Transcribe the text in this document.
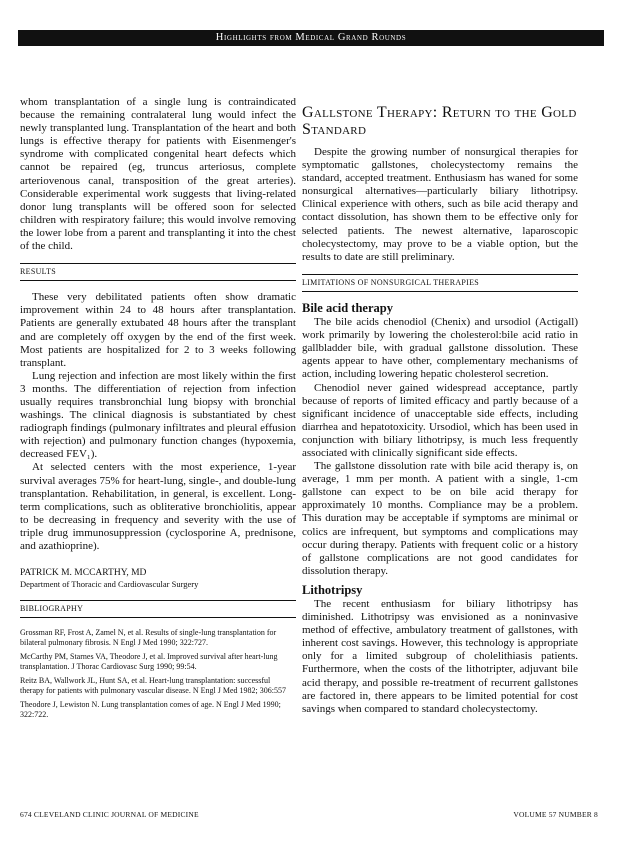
Highlights from Medical Grand Rounds

whom transplantation of a single lung is contraindicated because the remaining contralateral lung would infect the newly transplanted lung. Transplantation of the heart and both lungs is effective therapy for patients with Eisenmenger's syndrome with complicated congenital heart defects which cannot be repaired (eg, truncus arteriosus, complete arteriovenous canal, transposition of the great arteries). Considerable experimental work suggests that living-related donor lung transplants will be offered soon for selected children with respiratory failure; this would involve removing the lower lobe from a parent and transplanting it into the chest of the child.

RESULTS

These very debilitated patients often show dramatic improvement within 24 to 48 hours after transplantation. Patients are generally extubated 48 hours after the transplant and are completely off oxygen by the end of the first week. Most patients are hospitalized for 2 to 3 weeks following transplant.

Lung rejection and infection are most likely within the first 3 months. The differentiation of rejection from infection usually requires transbronchial lung biopsy with bronchial washings. The clinical diagnosis is substantiated by chest radiograph findings (pulmonary infiltrates and pleural effusion with rejection) and pulmonary function changes (hypoxemia, decreased FEV₁).

At selected centers with the most experience, 1-year survival averages 75% for heart-lung, single-, and double-lung transplantation. Rehabilitation, in general, is excellent. Long-term complications, such as obliterative bronchiolitis, appear to be decreasing in frequency and severity with the use of triple drug immunosuppression (cyclosporine A, prednisone, and azathioprine).

PATRICK M. MCCARTHY, MD
Department of Thoracic and Cardiovascular Surgery
BIBLIOGRAPHY

Grossman RF, Frost A, Zamel N, et al. Results of single-lung transplantation for bilateral pulmonary fibrosis. N Engl J Med 1990; 322:727.

McCarthy PM, Starnes VA, Theodore J, et al. Improved survival after heart-lung transplantation. J Thorac Cardiovasc Surg 1990; 99:54.

Reitz BA, Wallwork JL, Hunt SA, et al. Heart-lung transplantation: successful therapy for patients with pulmonary vascular disease. N Engl J Med 1982; 306:557

Theodore J, Lewiston N. Lung transplantation comes of age. N Engl J Med 1990; 322:722.

Gallstone Therapy: Return to the Gold Standard

Despite the growing number of nonsurgical therapies for symptomatic gallstones, cholecystectomy remains the standard, accepted treatment. Enthusiasm has waned for some nonsurgical alternatives—particularly biliary lithotripsy. Clinical experience with others, such as bile acid therapy and contact dissolution, has shown them to be effective only for selected patients. The newest alternative, laparoscopic cholecystectomy, may prove to be a viable option, but the results to date are still preliminary.

LIMITATIONS OF NONSURGICAL THERAPIES
Bile acid therapy

The bile acids chenodiol (Chenix) and ursodiol (Actigall) work primarily by lowering the cholesterol:bile acid ratio in gallbladder bile, with gradual gallstone dissolution. These agents appear to have other, complementary mechanisms of action, including lowering hepatic cholesterol secretion.

Chenodiol never gained widespread acceptance, partly because of reports of limited efficacy and partly because of a significant incidence of unacceptable side effects, including diarrhea and hepatotoxicity. Ursodiol, which has been used in conjunction with biliary lithotripsy, is much less frequently associated with clinically significant side effects.

The gallstone dissolution rate with bile acid therapy is, on average, 1 mm per month. A patient with a single, 1-cm gallstone can expect to be on bile acid therapy for approximately 10 months. Compliance may be a problem. This duration may be acceptable if symptoms are minimal or colics are infrequent, but symptoms and complications may occur during therapy. Patients with frequent colic or a history of gallstone complications are not good candidates for dissolution therapy.

Lithotripsy

The recent enthusiasm for biliary lithotripsy has diminished. Lithotripsy was envisioned as a noninvasive method of effective, ambulatory treatment of gallstones, with inherent cost savings. However, this technology is appropriate only for a limited subgroup of cholelithiasis patients. Furthermore, when the costs of the lithotripter, adjuvant bile acid therapy, and possible re-treatment of recurrent gallstones are factored in, there appears to be limited potential for cost savings when compared to standard cholecystectomy.

674 CLEVELAND CLINIC JOURNAL OF MEDICINE	VOLUME 57 NUMBER 8
